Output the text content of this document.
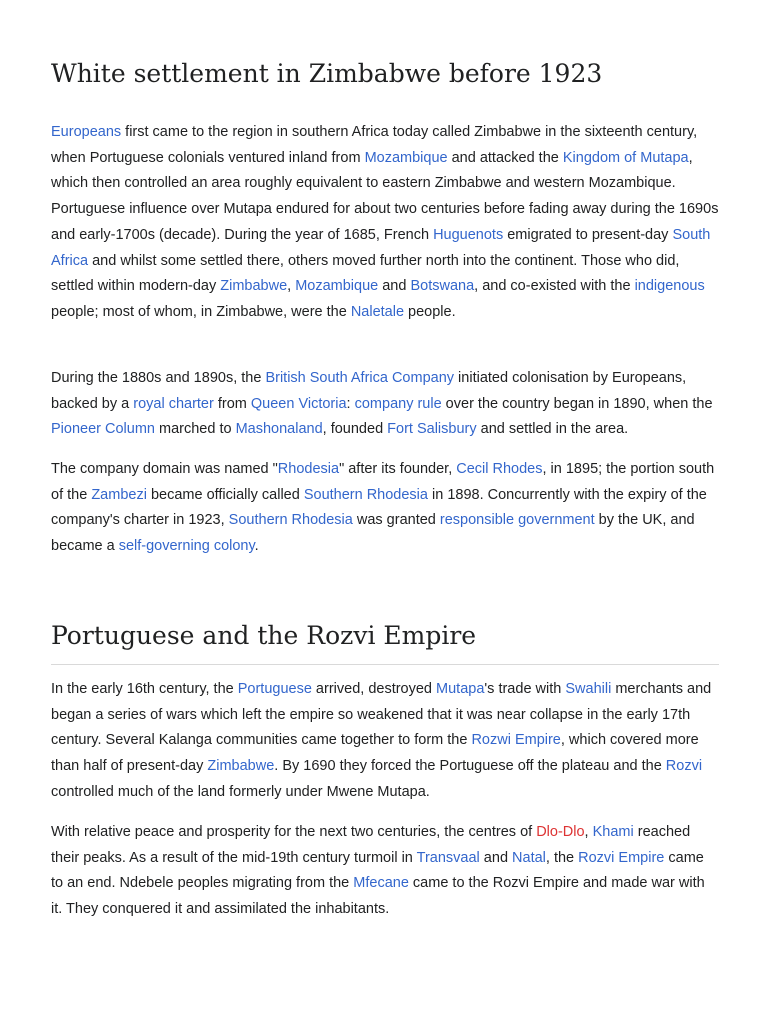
White settlement in Zimbabwe before 1923

Europeans first came to the region in southern Africa today called Zimbabwe in the sixteenth century, when Portuguese colonials ventured inland from Mozambique and attacked the Kingdom of Mutapa, which then controlled an area roughly equivalent to eastern Zimbabwe and western Mozambique. Portuguese influence over Mutapa endured for about two centuries before fading away during the 1690s and early-1700s (decade). During the year of 1685, French Huguenots emigrated to present-day South Africa and whilst some settled there, others moved further north into the continent. Those who did, settled within modern-day Zimbabwe, Mozambique and Botswana, and co-existed with the indigenous people; most of whom, in Zimbabwe, were the Naletale people.

During the 1880s and 1890s, the British South Africa Company initiated colonisation by Europeans, backed by a royal charter from Queen Victoria: company rule over the country began in 1890, when the Pioneer Column marched to Mashonaland, founded Fort Salisbury and settled in the area.

The company domain was named "Rhodesia" after its founder, Cecil Rhodes, in 1895; the portion south of the Zambezi became officially called Southern Rhodesia in 1898. Concurrently with the expiry of the company's charter in 1923, Southern Rhodesia was granted responsible government by the UK, and became a self-governing colony.

Portuguese and the Rozvi Empire

In the early 16th century, the Portuguese arrived, destroyed Mutapa's trade with Swahili merchants and began a series of wars which left the empire so weakened that it was near collapse in the early 17th century. Several Kalanga communities came together to form the Rozwi Empire, which covered more than half of present-day Zimbabwe. By 1690 they forced the Portuguese off the plateau and the Rozvi controlled much of the land formerly under Mwene Mutapa.

With relative peace and prosperity for the next two centuries, the centres of Dlo-Dlo, Khami reached their peaks. As a result of the mid-19th century turmoil in Transvaal and Natal, the Rozvi Empire came to an end. Ndebele peoples migrating from the Mfecane came to the Rozvi Empire and made war with it. They conquered it and assimilated the inhabitants.
